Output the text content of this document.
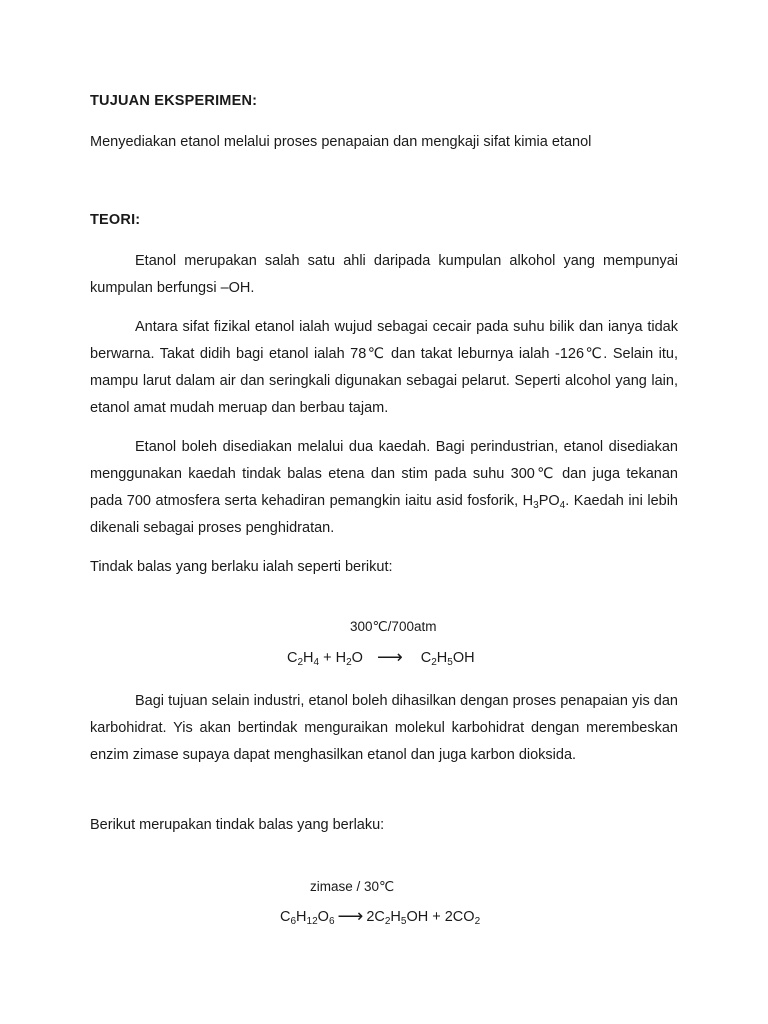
TUJUAN EKSPERIMEN:
Menyediakan etanol melalui proses penapaian dan mengkaji sifat kimia etanol
TEORI:
Etanol merupakan salah satu ahli daripada kumpulan alkohol yang mempunyai kumpulan berfungsi –OH.
Antara sifat fizikal etanol ialah wujud sebagai cecair pada suhu bilik dan ianya tidak berwarna. Takat didih bagi etanol ialah 78℃ dan takat leburnya ialah -126℃. Selain itu, mampu larut dalam air dan seringkali digunakan sebagai pelarut. Seperti alcohol yang lain, etanol amat mudah meruap dan berbau tajam.
Etanol boleh disediakan melalui dua kaedah. Bagi perindustrian, etanol disediakan menggunakan kaedah tindak balas etena dan stim pada suhu 300℃ dan juga tekanan pada 700 atmosfera serta kehadiran pemangkin iaitu asid fosforik, $H_3PO_4$. Kaedah ini lebih dikenali sebagai proses penghidratan.
Tindak balas yang berlaku ialah seperti berikut:
300℃/700atm
$C_2H_4 + H_2O$ ⟶ $C_2H_5OH$
Bagi tujuan selain industri, etanol boleh dihasilkan dengan proses penapaian yis dan karbohidrat. Yis akan bertindak menguraikan molekul karbohidrat dengan merembeskan enzim zimase supaya dapat menghasilkan etanol dan juga karbon dioksida.
Berikut merupakan tindak balas yang berlaku:
zimase / 30℃
$C_6H_{12}O_6$ ⟶ $2C_2H_5OH + 2CO_2$
